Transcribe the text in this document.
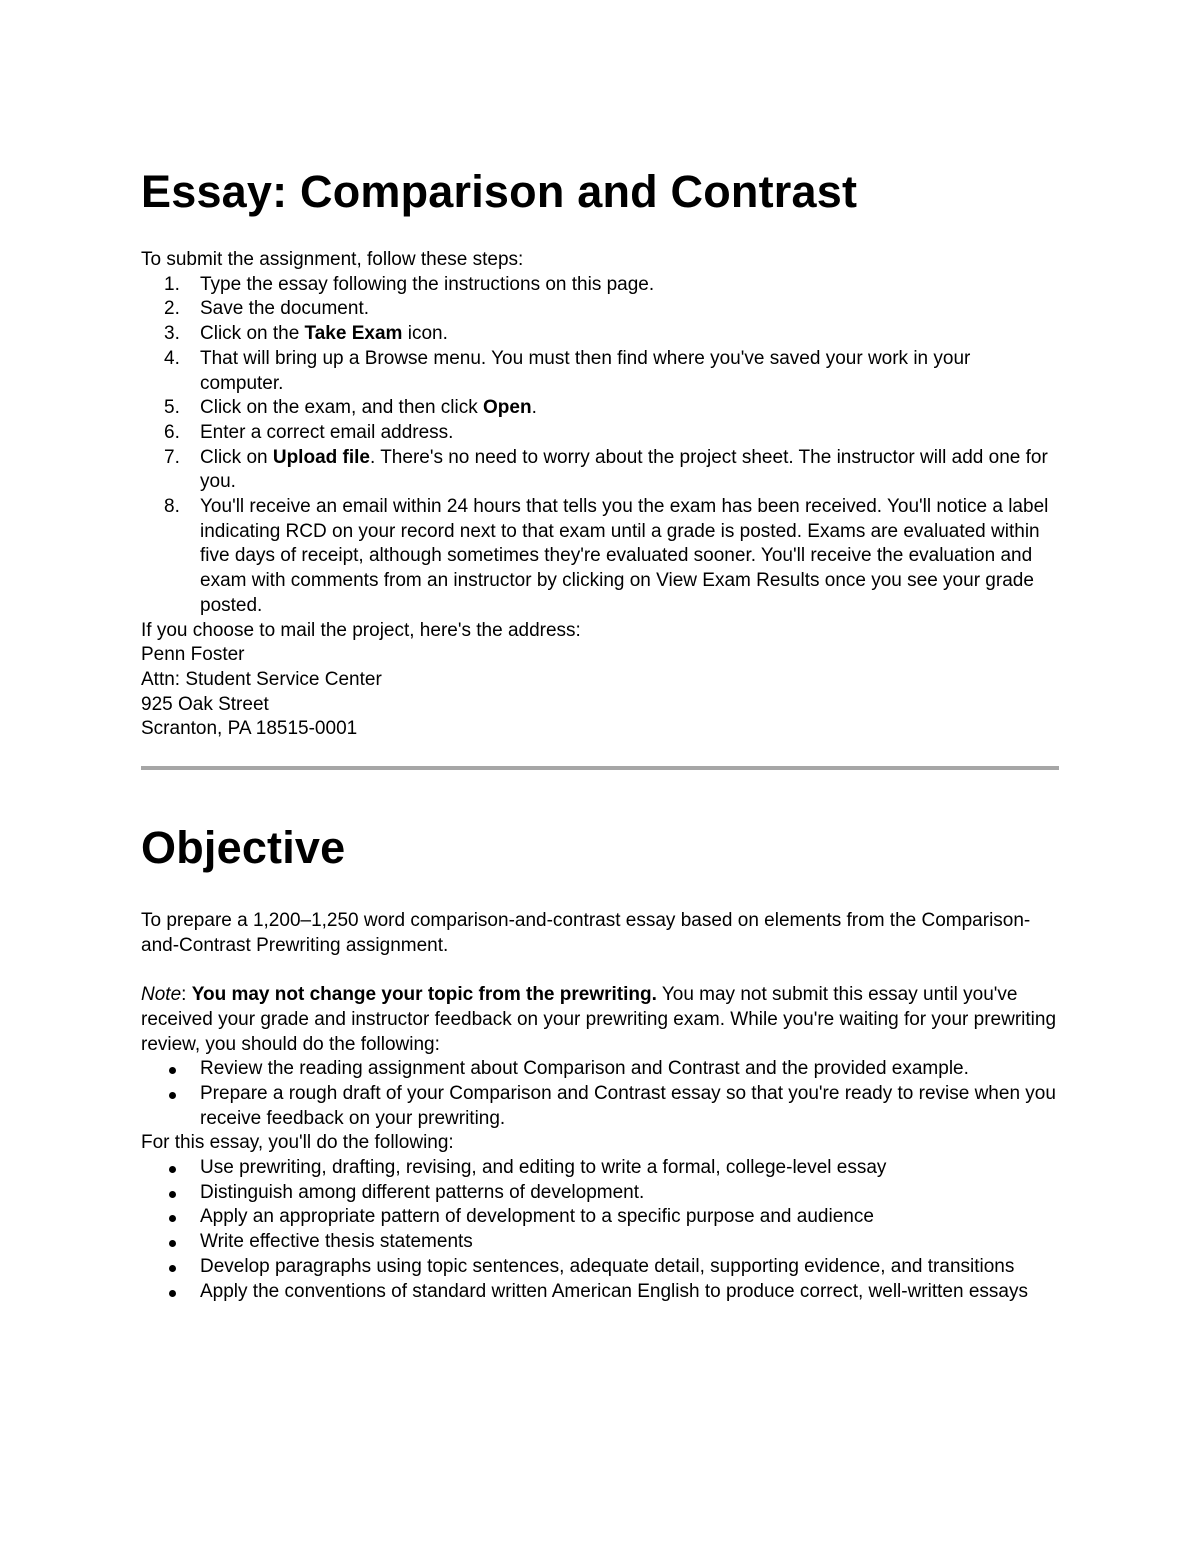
Essay: Comparison and Contrast

To submit the assignment, follow these steps:

1. Type the essay following the instructions on this page.
2. Save the document.
3. Click on the Take Exam icon.
4. That will bring up a Browse menu. You must then find where you've saved your work in your computer.
5. Click on the exam, and then click Open.
6. Enter a correct email address.
7. Click on Upload file. There's no need to worry about the project sheet. The instructor will add one for you.
8. You'll receive an email within 24 hours that tells you the exam has been received. You'll notice a label indicating RCD on your record next to that exam until a grade is posted. Exams are evaluated within five days of receipt, although sometimes they're evaluated sooner. You'll receive the evaluation and exam with comments from an instructor by clicking on View Exam Results once you see your grade posted.

If you choose to mail the project, here's the address:

Penn Foster
Attn: Student Service Center
925 Oak Street
Scranton, PA 18515-0001
Objective

To prepare a 1,200–1,250 word comparison-and-contrast essay based on elements from the Comparison-and-Contrast Prewriting assignment.

Note: You may not change your topic from the prewriting. You may not submit this essay until you've received your grade and instructor feedback on your prewriting exam. While you're waiting for your prewriting review, you should do the following:

Review the reading assignment about Comparison and Contrast and the provided example.
Prepare a rough draft of your Comparison and Contrast essay so that you're ready to revise when you receive feedback on your prewriting.

For this essay, you'll do the following:

Use prewriting, drafting, revising, and editing to write a formal, college-level essay
Distinguish among different patterns of development.
Apply an appropriate pattern of development to a specific purpose and audience
Write effective thesis statements
Develop paragraphs using topic sentences, adequate detail, supporting evidence, and transitions
Apply the conventions of standard written American English to produce correct, well-written essays
